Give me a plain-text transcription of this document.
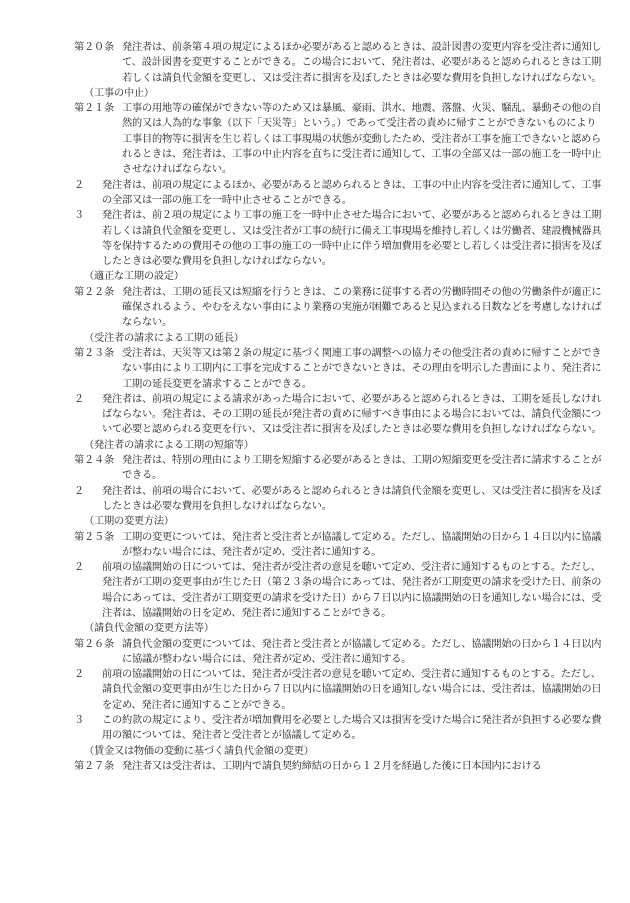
第２０条 発注者は、前条第４項の規定によるほか必要があると認めるときは、設計図書の変更内容を受注者に通知して、設計図書を変更することができる。この場合において、発注者は、必要があると認められるときは工期若しくは請負代金額を変更し、又は受注者に損害を及ぼしたときは必要な費用を負担しなければならない。
（工事の中止）
第２１条 工事の用地等の確保ができない等のため又は暴風、豪雨、洪水、地震、落盤、火災、騒乱、暴動その他の自然的又は人為的な事象（以下「天災等」という。）であって受注者の責めに帰すことができないものにより工事目的物等に損害を生じ若しくは工事現場の状態が変動したため、受注者が工事を施工できないと認められるときは、発注者は、工事の中止内容を直ちに受注者に通知して、工事の全部又は一部の施工を一時中止させなければならない。
２	発注者は、前項の規定によるほか、必要があると認められるときは、工事の中止内容を受注者に通知して、工事の全部又は一部の施工を一時中止させることができる。
３	発注者は、前２項の規定により工事の施工を一時中止させた場合において、必要があると認められるときは工期若しくは請負代金額を変更し、又は受注者が工事の続行に備え工事現場を維持し若しくは労働者、建設機械器具等を保持するための費用その他の工事の施工の一時中止に伴う増加費用を必要とし若しくは受注者に損害を及ぼしたときは必要な費用を負担しなければならない。
（適正な工期の設定）
第２２条 発注者は、工期の延長又は短縮を行うときは、この業務に従事する者の労働時間その他の労働条件が適正に確保されるよう、やむをえない事由により業務の実施が困難であると見込まれる日数などを考慮しなければならない。
（受注者の請求による工期の延長）
第２３条 受注者は、天災等又は第２条の規定に基づく関連工事の調整への協力その他受注者の責めに帰すことができない事由により工期内に工事を完成することができないときは、その理由を明示した書面により、発注者に工期の延長変更を請求することができる。
２	発注者は、前項の規定による請求があった場合において、必要があると認められるときは、工期を延長しなければならない。発注者は、その工期の延長が発注者の責めに帰すべき事由による場合においては、請負代金額について必要と認められる変更を行い、又は受注者に損害を及ぼしたときは必要な費用を負担しなければならない。
（発注者の請求による工期の短縮等）
第２４条 発注者は、特別の理由により工期を短縮する必要があるときは、工期の短縮変更を受注者に請求することができる。
２	発注者は、前項の場合において、必要があると認められるときは請負代金額を変更し、又は受注者に損害を及ぼしたときは必要な費用を負担しなければならない。
（工期の変更方法）
第２５条 工期の変更については、発注者と受注者とが協議して定める。ただし、協議開始の日から１４日以内に協議が整わない場合には、発注者が定め、受注者に通知する。
２	前項の協議開始の日については、発注者が受注者の意見を聴いて定め、受注者に通知するものとする。ただし、発注者が工期の変更事由が生じた日（第２３条の場合にあっては、発注者が工期変更の請求を受けた日、前条の場合にあっては、受注者が工期変更の請求を受けた日）から７日以内に協議開始の日を通知しない場合には、受注者は、協議開始の日を定め、発注者に通知することができる。
（請負代金額の変更方法等）
第２６条 請負代金額の変更については、発注者と受注者とが協議して定める。ただし、協議開始の日から１４日以内に協議が整わない場合には、発注者が定め、受注者に通知する。
２	前項の協議開始の日については、発注者が受注者の意見を聴いて定め、受注者に通知するものとする。ただし、請負代金額の変更事由が生じた日から７日以内に協議開始の日を通知しない場合には、受注者は、協議開始の日を定め、発注者に通知することができる。
３	この約款の規定により、受注者が増加費用を必要とした場合又は損害を受けた場合に発注者が負担する必要な費用の額については、発注者と受注者とが協議して定める。
（賃金又は物価の変動に基づく請負代金額の変更）
第２７条 発注者又は受注者は、工期内で請負契約締結の日から１２月を経過した後に日本国内における
